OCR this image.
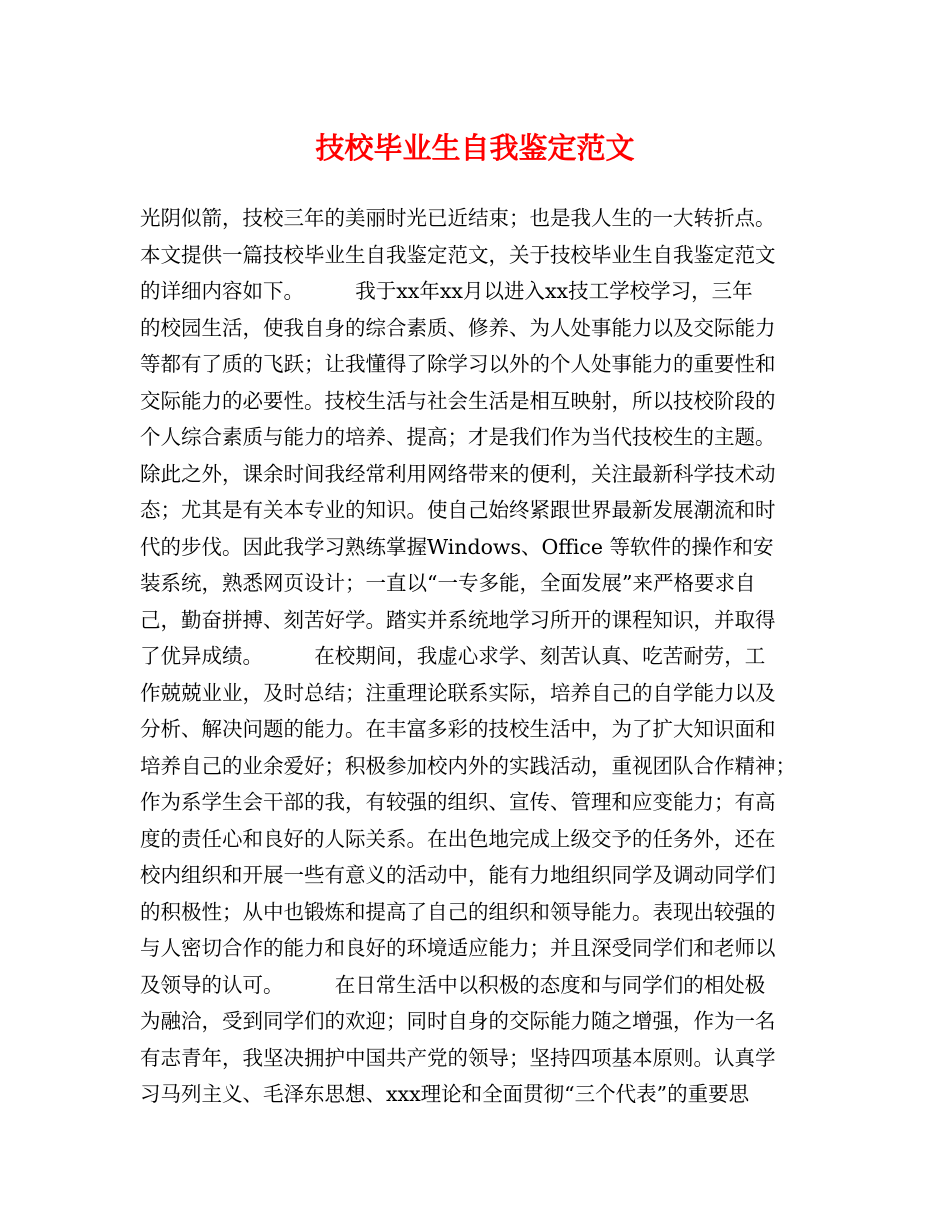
技校毕业生自我鉴定范文
光阴似箭，技校三年的美丽时光已近结束；也是我人生的一大转折点。
本文提供一篇技校毕业生自我鉴定范文，关于技校毕业生自我鉴定范文
的详细内容如下。　　　我于xx年xx月以进入xx技工学校学习，三年
的校园生活，使我自身的综合素质、修养、为人处事能力以及交际能力
等都有了质的飞跃；让我懂得了除学习以外的个人处事能力的重要性和
交际能力的必要性。技校生活与社会生活是相互映射，所以技校阶段的
个人综合素质与能力的培养、提高；才是我们作为当代技校生的主题。
除此之外，课余时间我经常利用网络带来的便利，关注最新科学技术动
态；尤其是有关本专业的知识。使自己始终紧跟世界最新发展潮流和时
代的步伐。因此我学习熟练掌握Windows、Office 等软件的操作和安
装系统，熟悉网页设计；一直以“一专多能，全面发展”来严格要求自
己，勤奋拼搏、刻苦好学。踏实并系统地学习所开的课程知识，并取得
了优异成绩。　　　在校期间，我虚心求学、刻苦认真、吃苦耐劳，工
作兢兢业业，及时总结；注重理论联系实际，培养自己的自学能力以及
分析、解决问题的能力。在丰富多彩的技校生活中，为了扩大知识面和
培养自己的业余爱好；积极参加校内外的实践活动，重视团队合作精神；
作为系学生会干部的我，有较强的组织、宣传、管理和应变能力；有高
度的责任心和良好的人际关系。在出色地完成上级交予的任务外，还在
校内组织和开展一些有意义的活动中，能有力地组织同学及调动同学们
的积极性；从中也锻炼和提高了自己的组织和领导能力。表现出较强的
与人密切合作的能力和良好的环境适应能力；并且深受同学们和老师以
及领导的认可。　　　在日常生活中以积极的态度和与同学们的相处极
为融洽，受到同学们的欢迎；同时自身的交际能力随之增强，作为一名
有志青年，我坚决拥护中国共产党的领导；坚持四项基本原则。认真学
习马列主义、毛泽东思想、xxx理论和全面贯彻“三个代表”的重要思
